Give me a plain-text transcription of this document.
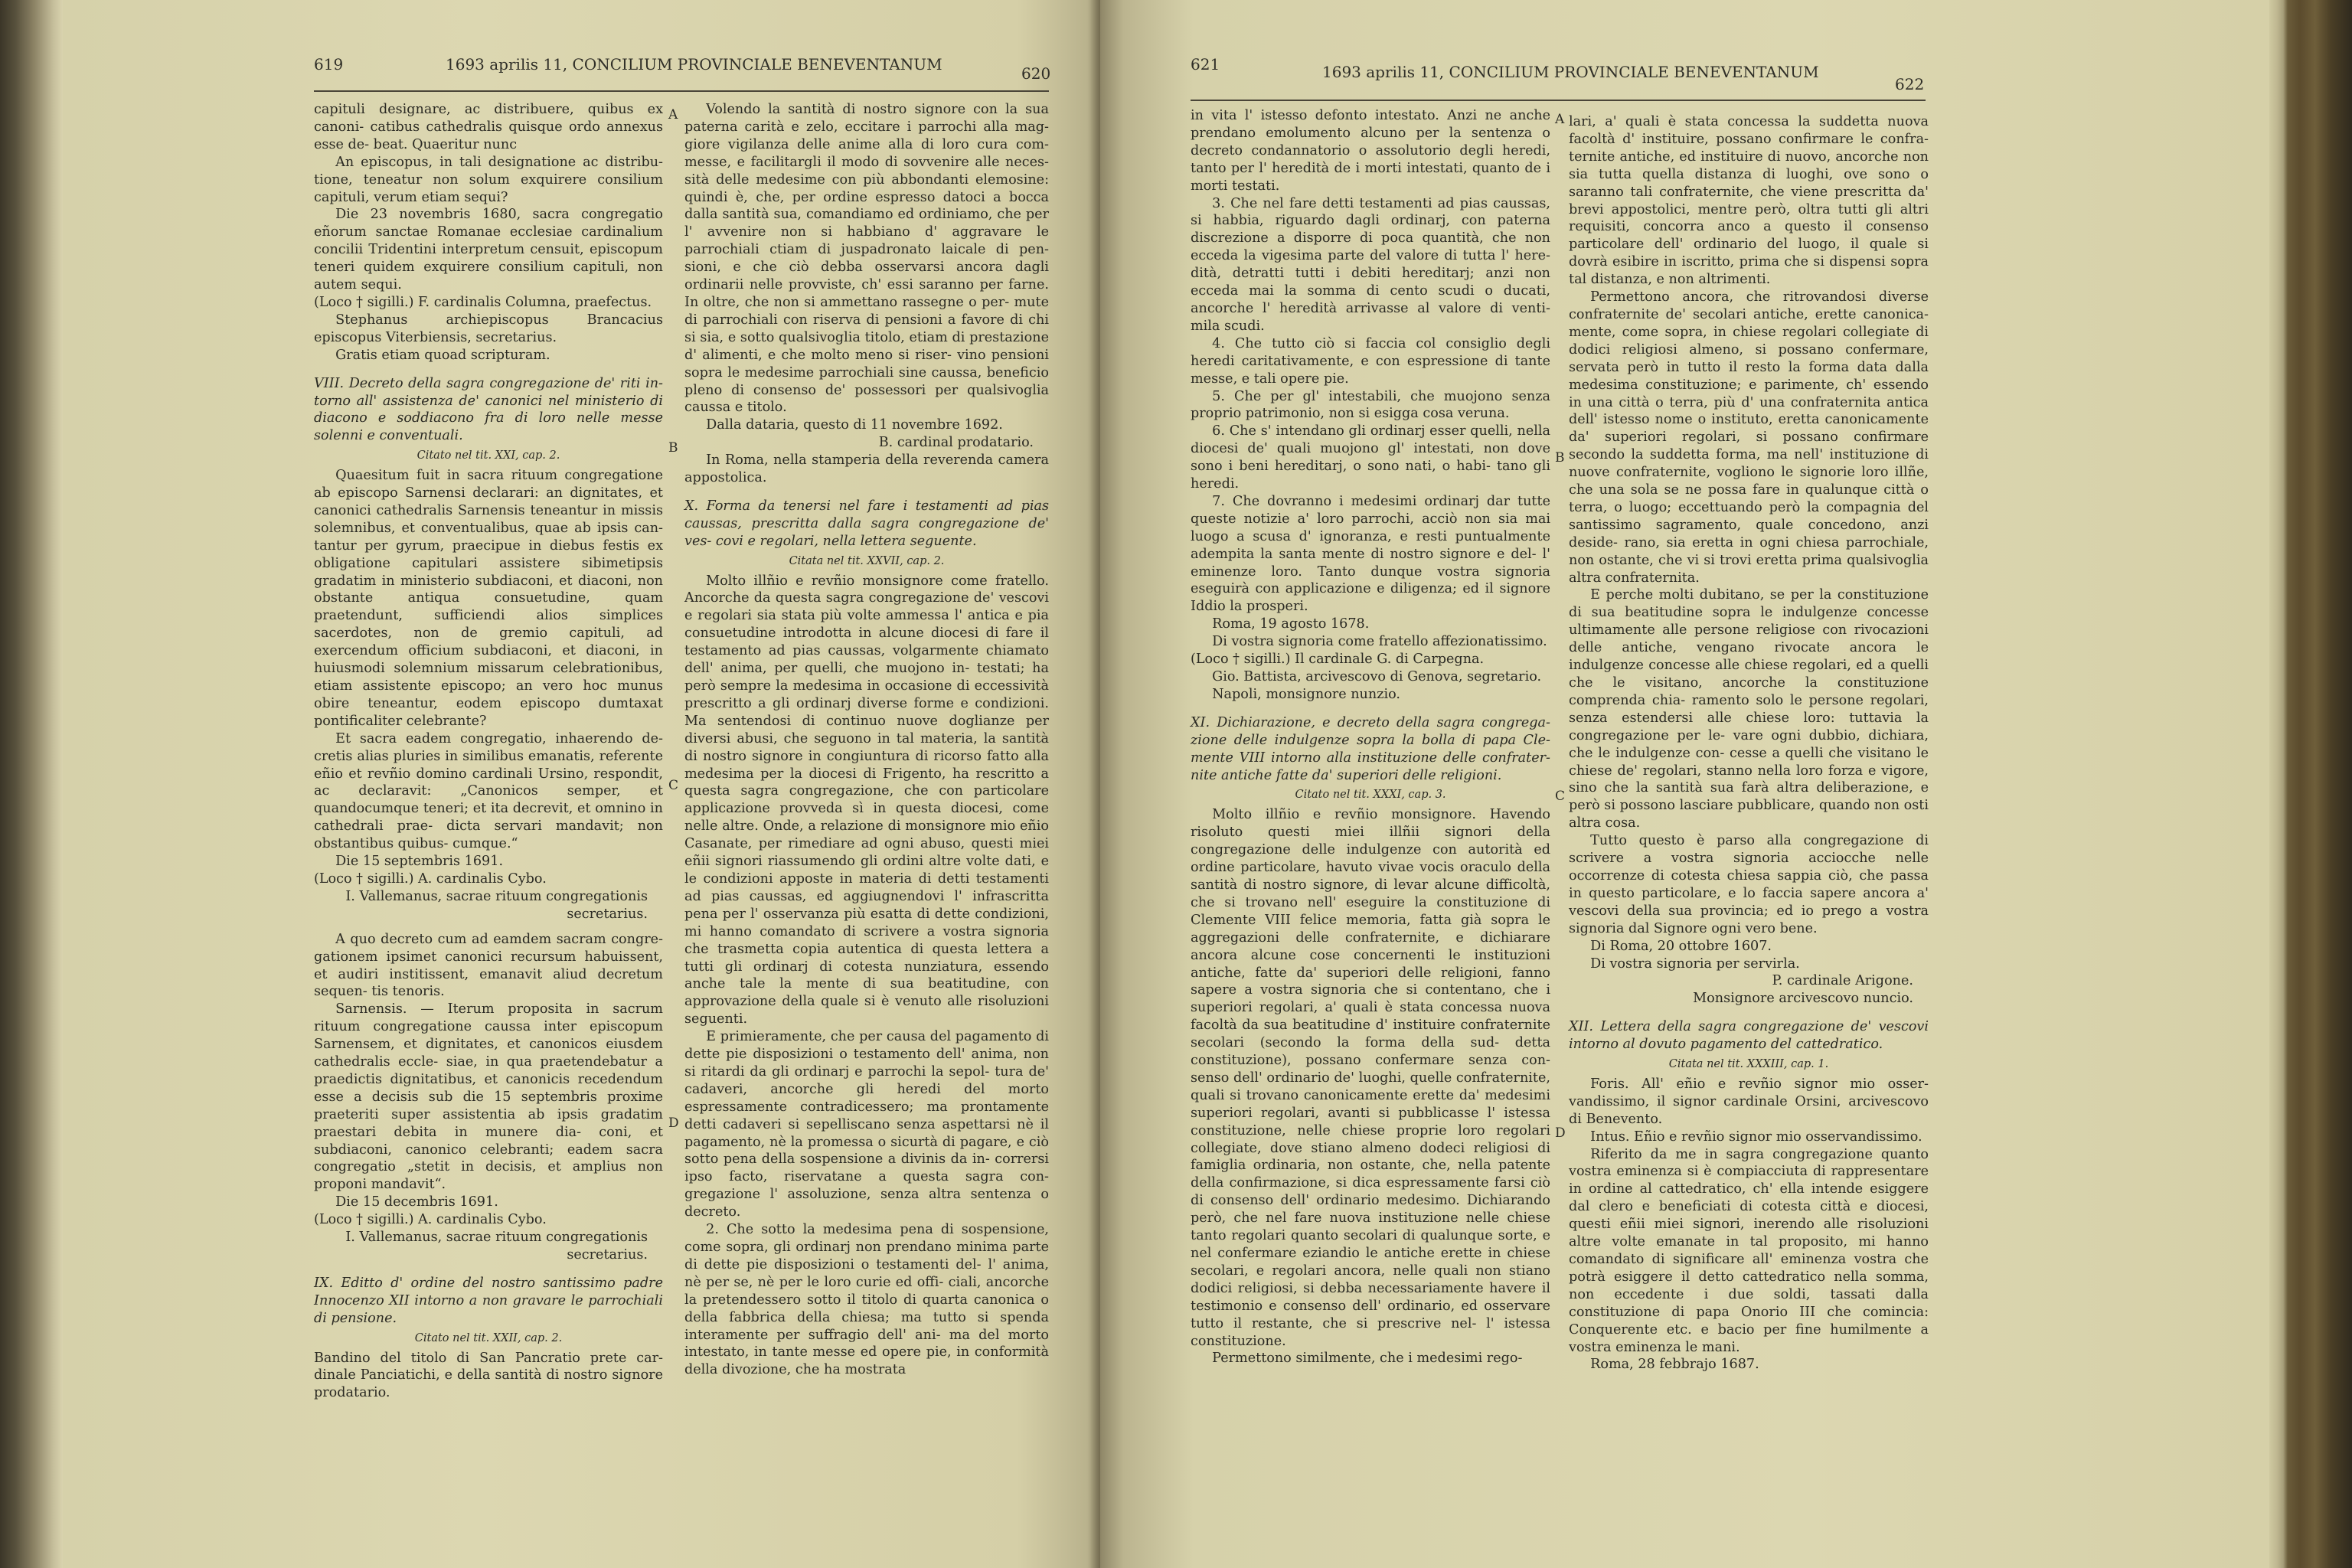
619	1693 aprilis 11, CONCILIUM PROVINCIALE BENEVENTANUM	620

capituli designare, ac distribuere, quibus ex canoni- catibus cathedralis quisque ordo annexus esse de- beat. Quaeritur nunc

An episcopus, in tali designatione ac distribu- tione, teneatur non solum exquirere consilium capituli, verum etiam sequi?

Die 23 novembris 1680, sacra congregatio eñorum sanctae Romanae ecclesiae cardinalium concilii Tridentini interpretum censuit, episcopum teneri quidem exquirere consilium capituli, non autem sequi.

(Loco † sigilli.) F. cardinalis Columna, praefectus.

Stephanus archiepiscopus Brancacius episcopus Viterbiensis, secretarius.

Gratis etiam quoad scripturam.

VIII. Decreto della sagra congregazione de' riti in- torno all' assistenza de' canonici nel ministerio di diacono e soddiacono fra di loro nelle messe solenni e conventuali.

Citato nel tit. XXI, cap. 2.

Quaesitum fuit in sacra rituum congregatione ab episcopo Sarnensi declarari: an dignitates, et canonici cathedralis Sarnensis teneantur in missis solemnibus, et conventualibus, quae ab ipsis can- tantur per gyrum, praecipue in diebus festis ex obligatione capitulari assistere sibimetipsis gradatim in ministerio subdiaconi, et diaconi, non obstante antiqua consuetudine, quam praetendunt, sufficiendi alios simplices sacerdotes, non de gremio capituli, ad exercendum officium subdiaconi, et diaconi, in huiusmodi solemnium missarum celebrationibus, etiam assistente episcopo; an vero hoc munus obire teneantur, eodem episcopo dumtaxat pontificaliter celebrante?

Et sacra eadem congregatio, inhaerendo de- cretis alias pluries in similibus emanatis, referente eñio et revñio domino cardinali Ursino, respondit, ac declaravit: „Canonicos semper, et quandocumque teneri; et ita decrevit, et omnino in cathedrali prae- dicta servari mandavit; non obstantibus quibus- cumque.“

Die 15 septembris 1691.

(Loco † sigilli.) A. cardinalis Cybo.

I. Vallemanus, sacrae rituum congregationis secretarius.

A quo decreto cum ad eamdem sacram congre- gationem ipsimet canonici recursum habuissent, et audiri institissent, emanavit aliud decretum sequen- tis tenoris.

Sarnensis. — Iterum proposita in sacrum rituum congregatione caussa inter episcopum Sarnensem, et dignitates, et canonicos eiusdem cathedralis eccle- siae, in qua praetendebatur a praedictis dignitatibus, et canonicis recedendum esse a decisis sub die 15 septembris proxime praeteriti super assistentia ab ipsis gradatim praestari debita in munere dia- coni, et subdiaconi, canonico celebranti; eadem sacra congregatio „stetit in decisis, et amplius non proponi mandavit“.

Die 15 decembris 1691.

(Loco † sigilli.) A. cardinalis Cybo.

I. Vallemanus, sacrae rituum congregationis secretarius.

IX. Editto d' ordine del nostro santissimo padre Innocenzo XII intorno a non gravare le parrochiali di pensione.

Citato nel tit. XXII, cap. 2.

Bandino del titolo di San Pancratio prete car- dinale Panciatichi, e della santità di nostro signore prodatario.

Volendo la santità di nostro signore con la sua paterna carità e zelo, eccitare i parrochi alla mag- giore vigilanza delle anime alla di loro cura com- messe, e facilitargli il modo di sovvenire alle neces- sità delle medesime con più abbondanti elemosine: quindi è, che, per ordine espresso datoci a bocca dalla santità sua, comandiamo ed ordiniamo, che per l' avvenire non si habbiano d' aggravare le parrochiali ctiam di juspadronato laicale di pen- sioni, e che ciò debba osservarsi ancora dagli ordinarii nelle provviste, ch' essi saranno per farne. In oltre, che non si ammettano rassegne o per- mute di parrochiali con riserva di pensioni a favore di chi si sia, e sotto qualsivoglia titolo, etiam di prestazione d' alimenti, e che molto meno si riser- vino pensioni sopra le medesime parrochiali sine caussa, beneficio pleno di consenso de' possessori per qualsivoglia caussa e titolo.

Dalla dataria, questo di 11 novembre 1692.

B. cardinal prodatario.

In Roma, nella stamperia della reverenda camera appostolica.

X. Forma da tenersi nel fare i testamenti ad pias caussas, prescritta dalla sagra congregazione de' ves- covi e regolari, nella lettera seguente.

Citata nel tit. XXVII, cap. 2.

Molto illñio e revñio monsignore come fratello. Ancorche da questa sagra congregazione de' vescovi e regolari sia stata più volte ammessa l' antica e pia consuetudine introdotta in alcune diocesi di fare il testamento ad pias caussas, volgarmente chiamato dell' anima, per quelli, che muojono in- testati; ha però sempre la medesima in occasione di eccessività prescritto a gli ordinarj diverse forme e condizioni. Ma sentendosi di continuo nuove doglianze per diversi abusi, che seguono in tal materia, la santità di nostro signore in congiuntura di ricorso fatto alla medesima per la diocesi di Frigento, ha rescritto a questa sagra congregazione, che con particolare applicazione provveda sì in questa diocesi, come nelle altre. Onde, a relazione di monsignore mio eñio Casanate, per rimediare ad ogni abuso, questi miei eñii signori riassumendo gli ordini altre volte dati, e le condizioni apposte in materia di detti testamenti ad pias caussas, ed aggiugnendovi l' infrascritta pena per l' osservanza più esatta di dette condizioni, mi hanno comandato di scrivere a vostra signoria che trasmetta copia autentica di questa lettera a tutti gli ordinarj di cotesta nunziatura, essendo anche tale la mente di sua beatitudine, con approvazione della quale si è venuto alle risoluzioni seguenti.

E primieramente, che per causa del pagamento di dette pie disposizioni o testamento dell' anima, non si ritardi da gli ordinarj e parrochi la sepol- tura de' cadaveri, ancorche gli heredi del morto espressamente contradicessero; ma prontamente detti cadaveri si sepelliscano senza aspettarsi nè il pagamento, nè la promessa o sicurtà di pagare, e ciò sotto pena della sospensione a divinis da in- corrersi ipso facto, riservatane a questa sagra con- gregazione l' assoluzione, senza altra sentenza o decreto.

2. Che sotto la medesima pena di sospensione, come sopra, gli ordinarj non prendano minima parte di dette pie disposizioni o testamenti del- l' anima, nè per se, nè per le loro curie ed offi- ciali, ancorche la pretendessero sotto il titolo di quarta canonica o della fabbrica della chiesa; ma tutto si spenda interamente per suffragio dell' ani- ma del morto intestato, in tante messe ed opere pie, in conformità della divozione, che ha mostrata

A
B
C
D
621	1693 aprilis 11, CONCILIUM PROVINCIALE BENEVENTANUM
622

in vita l' istesso defonto intestato. Anzi ne anche prendano emolumento alcuno per la sentenza o decreto condannatorio o assolutorio degli heredi, tanto per l' heredità de i morti intestati, quanto de i morti testati.

3. Che nel fare detti testamenti ad pias caussas, si habbia, riguardo dagli ordinarj, con paterna discrezione a disporre di poca quantità, che non ecceda la vigesima parte del valore di tutta l' here- dità, detratti tutti i debiti hereditarj; anzi non ecceda mai la somma di cento scudi o ducati, ancorche l' heredità arrivasse al valore di venti- mila scudi.

4. Che tutto ciò si faccia col consiglio degli heredi caritativamente, e con espressione di tante messe, e tali opere pie.

5. Che per gl' intestabili, che muojono senza proprio patrimonio, non si esigga cosa veruna.

6. Che s' intendano gli ordinarj esser quelli, nella diocesi de' quali muojono gl' intestati, non dove sono i beni hereditarj, o sono nati, o habi- tano gli heredi.

7. Che dovranno i medesimi ordinarj dar tutte queste notizie a' loro parrochi, acciò non sia mai luogo a scusa d' ignoranza, e resti puntualmente adempita la santa mente di nostro signore e del- l' eminenze loro. Tanto dunque vostra signoria eseguirà con applicazione e diligenza; ed il signore Iddio la prosperi.

Roma, 19 agosto 1678.

Di vostra signoria come fratello affezionatissimo.

(Loco † sigilli.) Il cardinale G. di Carpegna.

Gio. Battista, arcivescovo di Genova, segretario.

Napoli, monsignore nunzio.

XI. Dichiarazione, e decreto della sagra congrega- zione delle indulgenze sopra la bolla di papa Cle- mente VIII intorno alla instituzione delle confrater- nite antiche fatte da' superiori delle religioni.

Citato nel tit. XXXI, cap. 3.

Molto illñio e revñio monsignore. Havendo risoluto questi miei illñii signori della congregazione delle indulgenze con autorità ed ordine particolare, havuto vivae vocis oraculo della santità di nostro signore, di levar alcune difficoltà, che si trovano nell' eseguire la constituzione di Clemente VIII felice memoria, fatta già sopra le aggregazioni delle confraternite, e dichiarare ancora alcune cose concernenti le instituzioni antiche, fatte da' superiori delle religioni, fanno sapere a vostra signoria che si contentano, che i superiori regolari, a' quali è stata concessa nuova facoltà da sua beatitudine d' instituire confraternite secolari (secondo la forma della sud- detta constituzione), possano confermare senza con- senso dell' ordinario de' luoghi, quelle confraternite, quali si trovano canonicamente erette da' medesimi superiori regolari, avanti si pubblicasse l' istessa constituzione, nelle chiese proprie loro regolari collegiate, dove stiano almeno dodeci religiosi di famiglia ordinaria, non ostante, che, nella patente della confirmazione, si dica espressamente farsi ciò di consenso dell' ordinario medesimo. Dichiarando però, che nel fare nuova instituzione nelle chiese tanto regolari quanto secolari di qualunque sorte, e nel confermare eziandio le antiche erette in chiese secolari, e regolari ancora, nelle quali non stiano dodici religiosi, si debba necessariamente havere il testimonio e consenso dell' ordinario, ed osservare tutto il restante, che si prescrive nel- l' istessa constituzione.

Permettono similmente, che i medesimi rego-

lari, a' quali è stata concessa la suddetta nuova facoltà d' instituire, possano confirmare le confra- ternite antiche, ed instituire di nuovo, ancorche non sia tutta quella distanza di luoghi, ove sono o saranno tali confraternite, che viene prescritta da' brevi appostolici, mentre però, oltra tutti gli altri requisiti, concorra anco a questo il consenso particolare dell' ordinario del luogo, il quale si dovrà esibire in iscritto, prima che si dispensi sopra tal distanza, e non altrimenti.

Permettono ancora, che ritrovandosi diverse confraternite de' secolari antiche, erette canonica- mente, come sopra, in chiese regolari collegiate di dodici religiosi almeno, si possano confermare, servata però in tutto il resto la forma data dalla medesima constituzione; e parimente, ch' essendo in una città o terra, più d' una confraternita antica dell' istesso nome o instituto, eretta canonicamente da' superiori regolari, si possano confirmare secondo la suddetta forma, ma nell' instituzione di nuove confraternite, vogliono le signorie loro illñe, che una sola se ne possa fare in qualunque città o terra, o luogo; eccettuando però la compagnia del santissimo sagramento, quale concedono, anzi deside- rano, sia eretta in ogni chiesa parrochiale, non ostante, che vi si trovi eretta prima qualsivoglia altra confraternita.

E perche molti dubitano, se per la constituzione di sua beatitudine sopra le indulgenze concesse ultimamente alle persone religiose con rivocazioni delle antiche, vengano rivocate ancora le indulgenze concesse alle chiese regolari, ed a quelli che le visitano, ancorche la constituzione comprenda chia- ramento solo le persone regolari, senza estendersi alle chiese loro: tuttavia la congregazione per le- vare ogni dubbio, dichiara, che le indulgenze con- cesse a quelli che visitano le chiese de' regolari, stanno nella loro forza e vigore, sino che la santità sua farà altra deliberazione, e però si possono lasciare pubblicare, quando non osti altra cosa.

Tutto questo è parso alla congregazione di scrivere a vostra signoria acciocche nelle occorrenze di cotesta chiesa sappia ciò, che passa in questo particolare, e lo faccia sapere ancora a' vescovi della sua provincia; ed io prego a vostra signoria dal Signore ogni vero bene.

Di Roma, 20 ottobre 1607.

Di vostra signoria per servirla.

P. cardinale Arigone.

Monsignore arcivescovo nuncio.

XII. Lettera della sagra congregazione de' vescovi intorno al dovuto pagamento del cattedratico.

Citata nel tit. XXXIII, cap. 1.

Foris. All' eñio e revñio signor mio osser- vandissimo, il signor cardinale Orsini, arcivescovo di Benevento.

Intus. Eñio e revñio signor mio osservandissimo.

Riferito da me in sagra congregazione quanto vostra eminenza si è compiacciuta di rappresentare in ordine al cattedratico, ch' ella intende esiggere dal clero e beneficiati di cotesta città e diocesi, questi eñii miei signori, inerendo alle risoluzioni altre volte emanate in tal proposito, mi hanno comandato di significare all' eminenza vostra che potrà esiggere il detto cattedratico nella somma, non eccedente i due soldi, tassati dalla constituzione di papa Onorio III che comincia: Conquerente etc. e bacio per fine humilmente a vostra eminenza le mani.

Roma, 28 febbrajo 1687.

A
B
C
D
